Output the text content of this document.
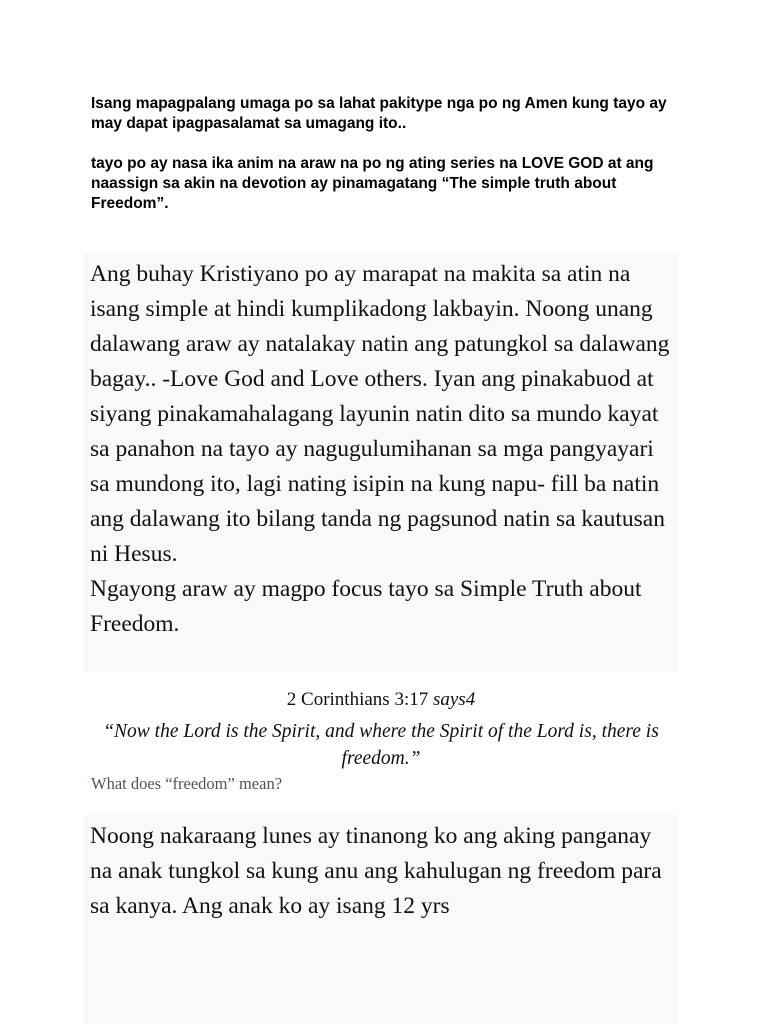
Isang mapagpalang umaga po sa lahat pakitype nga po ng Amen kung tayo ay may dapat ipagpasalamat sa umagang ito..

tayo po ay nasa ika anim na araw na po ng ating series na LOVE GOD at ang naassign sa akin na devotion ay pinamagatang “The simple truth about Freedom”.

Ang buhay Kristiyano po ay marapat na makita sa atin na isang simple at hindi kumplikadong lakbayin. Noong unang dalawang araw ay natalakay natin ang patungkol sa dalawang bagay.. -Love God and Love others. Iyan ang pinakabuod at siyang pinakamahalagang layunin natin dito sa mundo kayat sa panahon na tayo ay nagugulumihanan sa mga pangyayari sa mundong ito, lagi nating isipin na kung napu- fill ba natin ang dalawang ito bilang tanda ng pagsunod natin sa kautusan ni Hesus.

Ngayong araw ay magpo focus tayo sa Simple Truth about Freedom.

2 Corinthians 3:17 says4

“Now the Lord is the Spirit, and where the Spirit of the Lord is, there is freedom.”

What does “freedom” mean?

Noong nakaraang lunes ay tinanong ko ang aking panganay na anak tungkol sa kung anu ang kahulugan ng freedom para sa kanya. Ang anak ko ay isang 12 yrs
